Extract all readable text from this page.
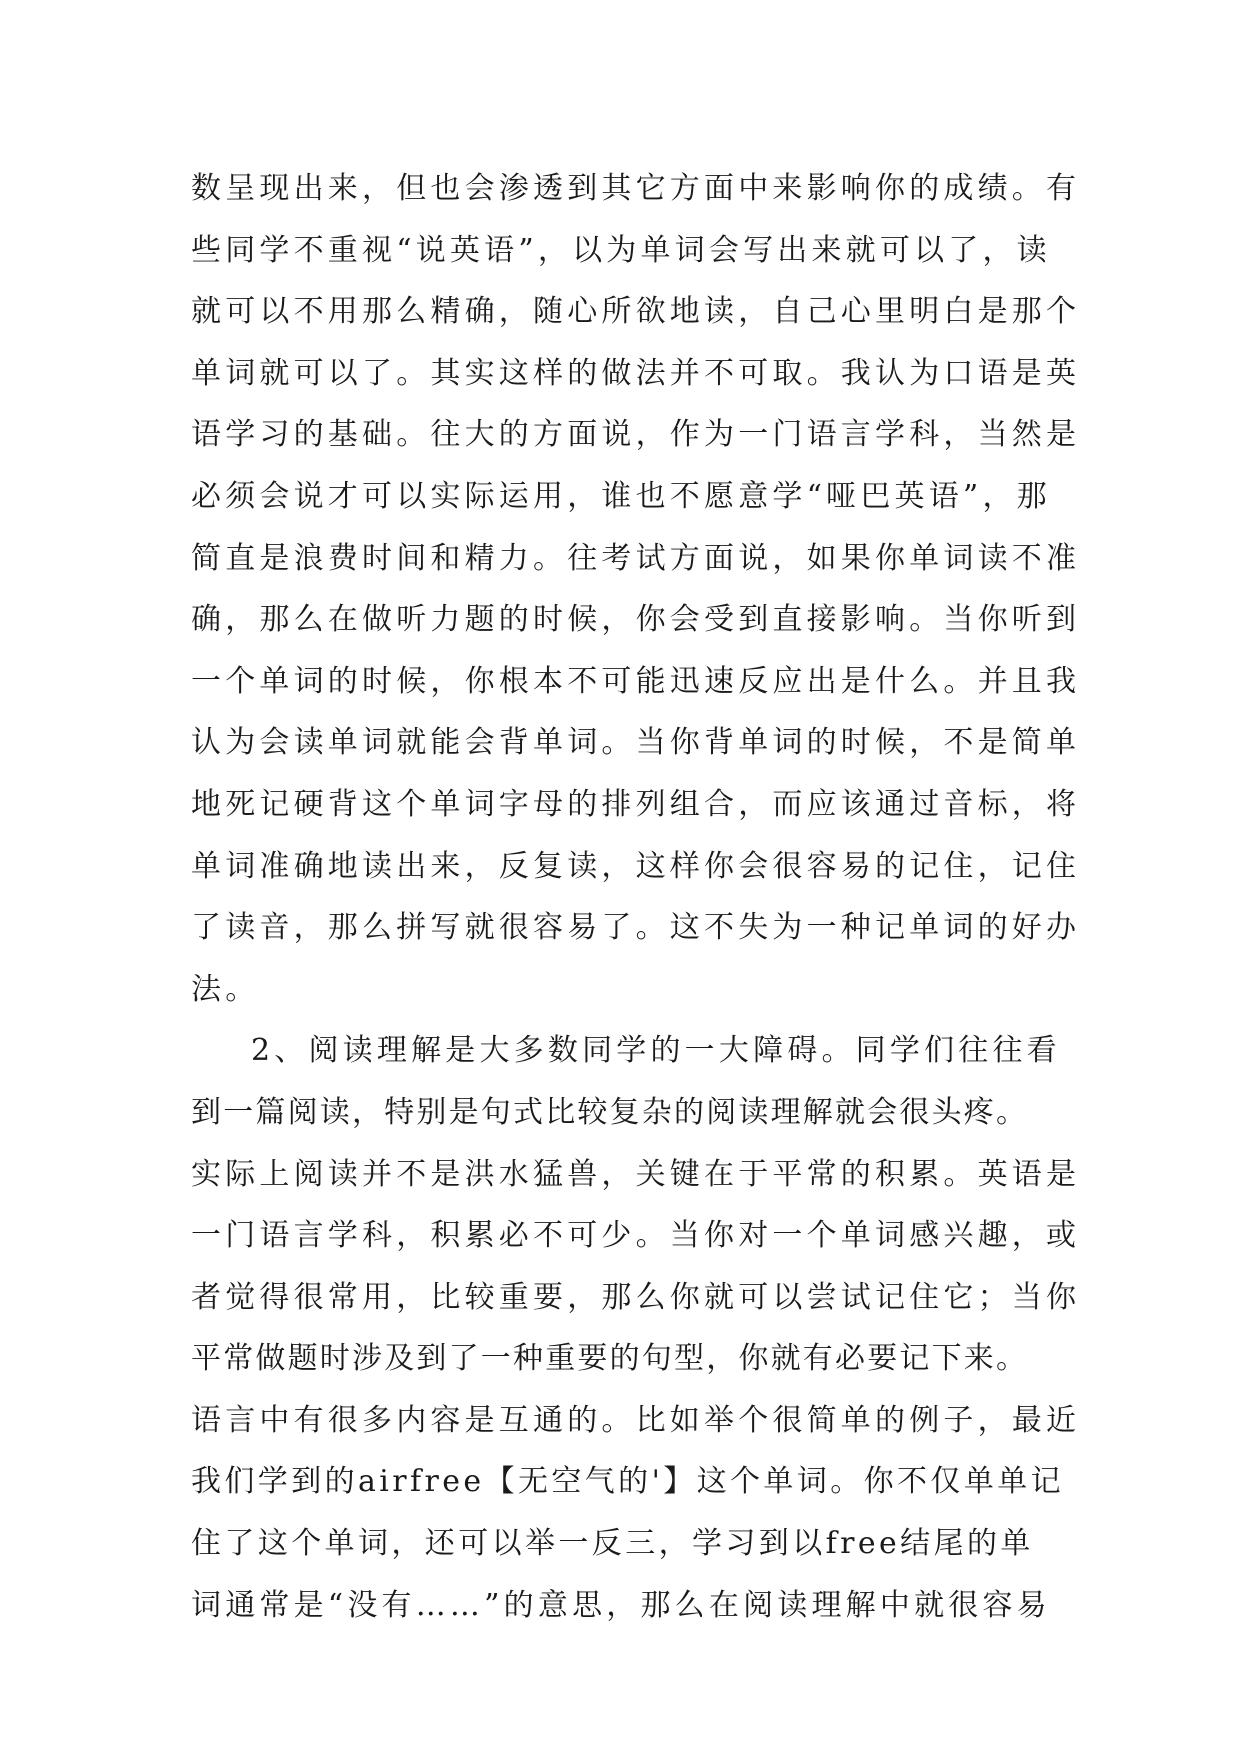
数呈现出来，但也会渗透到其它方面中来影响你的成绩。有
些同学不重视“说英语”，以为单词会写出来就可以了，读
就可以不用那么精确，随心所欲地读，自己心里明白是那个
单词就可以了。其实这样的做法并不可取。我认为口语是英
语学习的基础。往大的方面说，作为一门语言学科，当然是
必须会说才可以实际运用，谁也不愿意学“哑巴英语”，那
简直是浪费时间和精力。往考试方面说，如果你单词读不准
确，那么在做听力题的时候，你会受到直接影响。当你听到
一个单词的时候，你根本不可能迅速反应出是什么。并且我
认为会读单词就能会背单词。当你背单词的时候，不是简单
地死记硬背这个单词字母的排列组合，而应该通过音标，将
单词准确地读出来，反复读，这样你会很容易的记住，记住
了读音，那么拼写就很容易了。这不失为一种记单词的好办
法。
2、阅读理解是大多数同学的一大障碍。同学们往往看
到一篇阅读，特别是句式比较复杂的阅读理解就会很头疼。
实际上阅读并不是洪水猛兽，关键在于平常的积累。英语是
一门语言学科，积累必不可少。当你对一个单词感兴趣，或
者觉得很常用，比较重要，那么你就可以尝试记住它；当你
平常做题时涉及到了一种重要的句型，你就有必要记下来。
语言中有很多内容是互通的。比如举个很简单的例子，最近
我们学到的airfree【无空气的'】这个单词。你不仅单单记
住了这个单词，还可以举一反三，学习到以free结尾的单
词通常是“没有……”的意思，那么在阅读理解中就很容易
